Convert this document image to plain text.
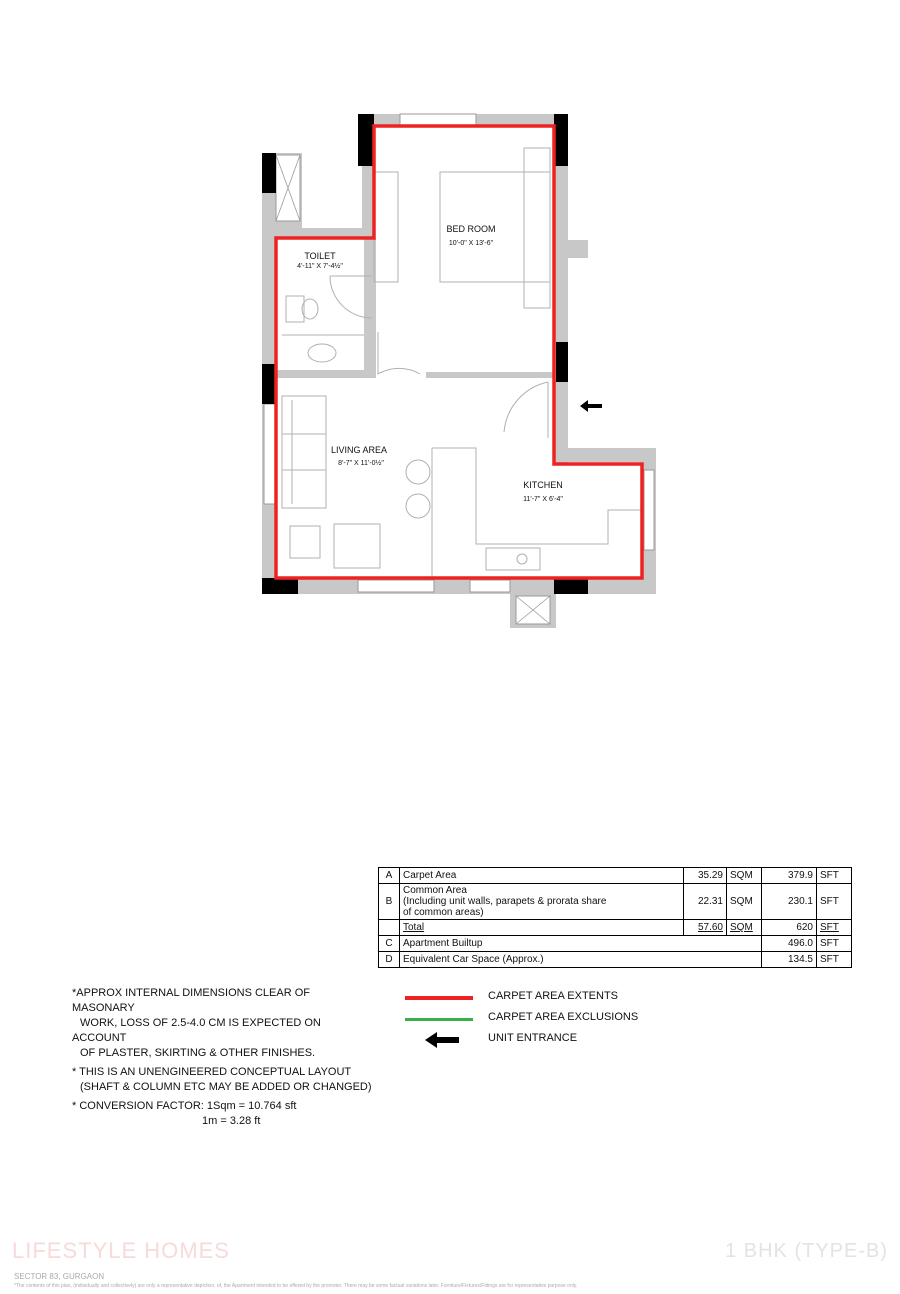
BED ROOM
10'-0" X 13'-6"
TOILET
4'-11" X 7'-4½"
LIVING AREA
8'-7" X 11'-0½"
KITCHEN
11'-7" X 6'-4"
A	Carpet Area	35.29	SQM	379.9	SFT
B	Common Area
(Including unit walls, parapets & prorata share
of common areas)	22.31	SQM	230.1	SFT
	Total	57.60	SQM	620	SFT
C	Apartment Builtup			496.0	SFT
D	Equivalent Car Space (Approx.)			134.5	SFT

*APPROX INTERNAL DIMENSIONS CLEAR OF MASONARY
WORK, LOSS OF 2.5-4.0 CM IS EXPECTED ON ACCOUNT
OF PLASTER, SKIRTING & OTHER FINISHES.

* THIS IS AN UNENGINEERED CONCEPTUAL LAYOUT
(SHAFT & COLUMN ETC MAY BE ADDED OR CHANGED)

* CONVERSION FACTOR: 1Sqm = 10.764 sft
1m = 3.28 ft

CARPET AREA EXTENTS
CARPET AREA EXCLUSIONS
UNIT ENTRANCE
LIFESTYLE HOMES
SECTOR 83, GURGAON
1 BHK (TYPE-B)
*The contents of this plan, (individually and collectively) are only a representative depiction, of, the Apartment intended to be offered by the promoter. There may be some factual variations later. Furniture/Fixtures/Fittings are for representative purpose only.
